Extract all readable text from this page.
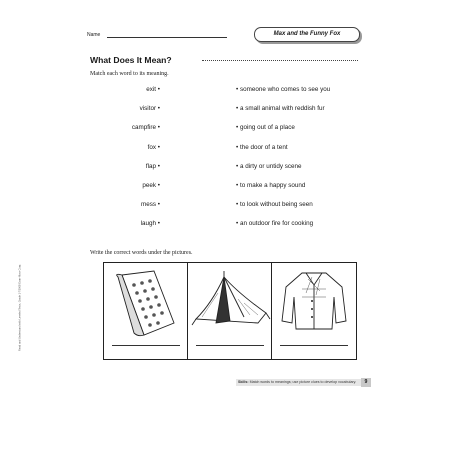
Name	Max and the Funny Fox
What Does It Mean?
Match each word to its meaning.
exit •	• someone who comes to see you
visitor •	• a small animal with reddish fur
campfire •	• going out of a place
fox •	• the door of a tent
flap •	• a dirty or untidy scene
peek •	• to make a happy sound
mess •	• to look without being seen
laugh •	• an outdoor fire for cooking
Write the correct words under the pictures.
Read and Understand with Leveled Texts, Grade 1 ©2008 Evan-Moor Corp.
Skills: Match words to meanings; use picture clues to develop vocabulary.	9
